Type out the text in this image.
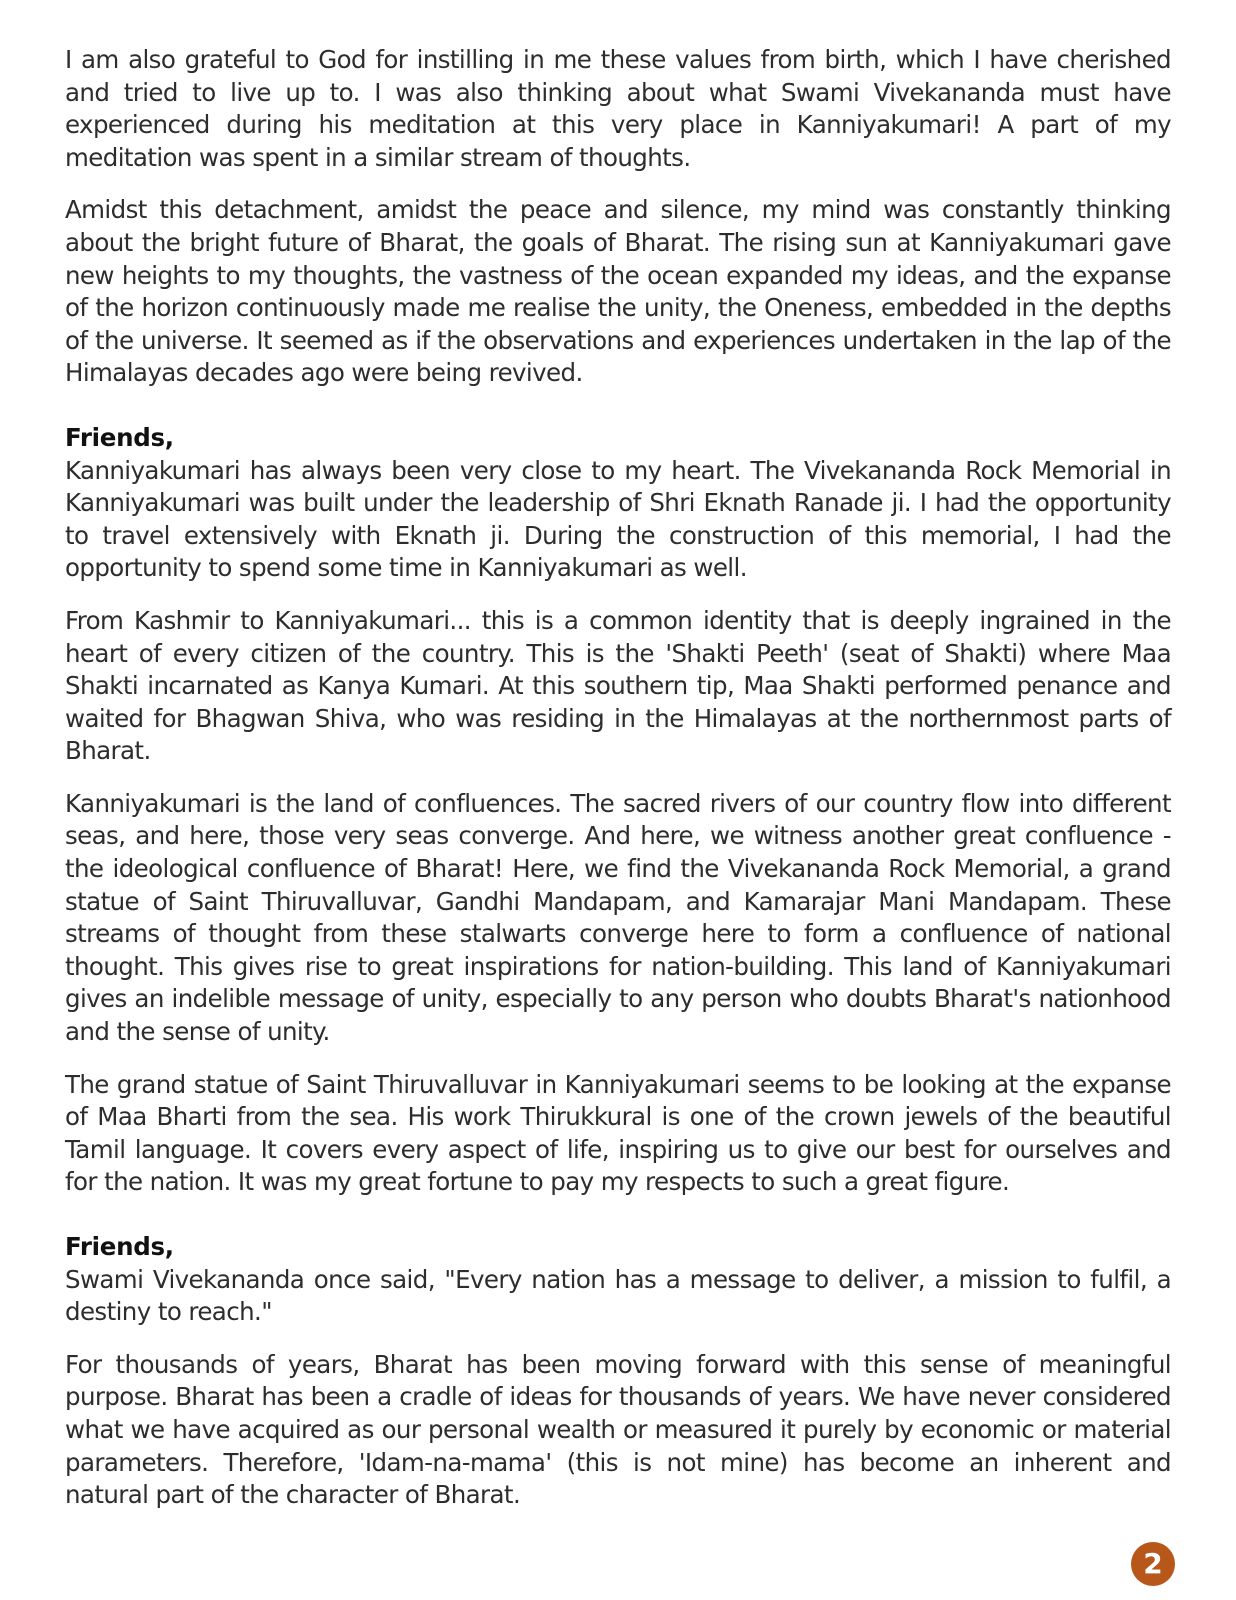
I am also grateful to God for instilling in me these values from birth, which I have cherished and tried to live up to. I was also thinking about what Swami Vivekananda must have experienced during his meditation at this very place in Kanniyakumari! A part of my meditation was spent in a similar stream of thoughts.

Amidst this detachment, amidst the peace and silence, my mind was constantly thinking about the bright future of Bharat, the goals of Bharat. The rising sun at Kanniyakumari gave new heights to my thoughts, the vastness of the ocean expanded my ideas, and the expanse of the horizon continuously made me realise the unity, the Oneness, embedded in the depths of the universe. It seemed as if the observations and experiences undertaken in the lap of the Himalayas decades ago were being revived.

Friends,

Kanniyakumari has always been very close to my heart. The Vivekananda Rock Memorial in Kanniyakumari was built under the leadership of Shri Eknath Ranade ji. I had the opportunity to travel extensively with Eknath ji. During the construction of this memorial, I had the opportunity to spend some time in Kanniyakumari as well.

From Kashmir to Kanniyakumari... this is a common identity that is deeply ingrained in the heart of every citizen of the country. This is the 'Shakti Peeth' (seat of Shakti) where Maa Shakti incarnated as Kanya Kumari. At this southern tip, Maa Shakti performed penance and waited for Bhagwan Shiva, who was residing in the Himalayas at the northernmost parts of Bharat.

Kanniyakumari is the land of confluences. The sacred rivers of our country flow into different seas, and here, those very seas converge. And here, we witness another great confluence - the ideological confluence of Bharat! Here, we find the Vivekananda Rock Memorial, a grand statue of Saint Thiruvalluvar, Gandhi Mandapam, and Kamarajar Mani Mandapam. These streams of thought from these stalwarts converge here to form a confluence of national thought. This gives rise to great inspirations for nation-building. This land of Kanniyakumari gives an indelible message of unity, especially to any person who doubts Bharat's nationhood and the sense of unity.

The grand statue of Saint Thiruvalluvar in Kanniyakumari seems to be looking at the expanse of Maa Bharti from the sea. His work Thirukkural is one of the crown jewels of the beautiful Tamil language. It covers every aspect of life, inspiring us to give our best for ourselves and for the nation. It was my great fortune to pay my respects to such a great figure.

Friends,

Swami Vivekananda once said, "Every nation has a message to deliver, a mission to fulfil, a destiny to reach."

For thousands of years, Bharat has been moving forward with this sense of meaningful purpose. Bharat has been a cradle of ideas for thousands of years. We have never considered what we have acquired as our personal wealth or measured it purely by economic or material parameters. Therefore, 'Idam-na-mama' (this is not mine) has become an inherent and natural part of the character of Bharat.

2
